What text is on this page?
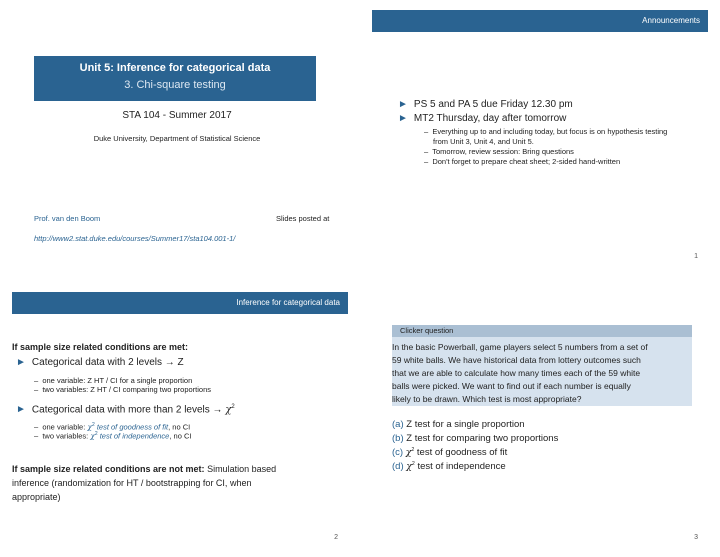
Unit 5: Inference for categorical data
3. Chi-square testing
STA 104 - Summer 2017
Duke University, Department of Statistical Science
Prof. van den Boom	Slides posted at
http://www2.stat.duke.edu/courses/Summer17/sta104.001-1/
Announcements
► PS 5 and PA 5 due Friday 12.30 pm
► MT2 Thursday, day after tomorrow
–  Everything up to and including today, but focus is on hypothesis testing
from Unit 3, Unit 4, and Unit 5.
–  Tomorrow, review session: Bring questions
–  Don't forget to prepare cheat sheet; 2-sided hand-written
1
Inference for categorical data
If sample size related conditions are met:
► Categorical data with 2 levels → Z
–  one variable: Z HT / CI for a single proportion
–  two variables: Z HT / CI comparing two proportions
► Categorical data with more than 2 levels → $\chi^2$
–  one variable: $\chi^2$ test of goodness of fit, no CI
–  two variables: $\chi^2$ test of independence, no CI
If sample size related conditions are not met: Simulation based
inference (randomization for HT / bootstrapping for CI, when
appropriate)
2
Clicker question
In the basic Powerball, game players select 5 numbers from a set of
59 white balls. We have historical data from lottery outcomes such
that we are able to calculate how many times each of the 59 white
balls were picked. We want to find out if each number is equally
likely to be drawn. Which test is most appropriate?
(a) Z test for a single proportion
(b) Z test for comparing two proportions
(c) $\chi^2$ test of goodness of fit
(d) $\chi^2$ test of independence
3
